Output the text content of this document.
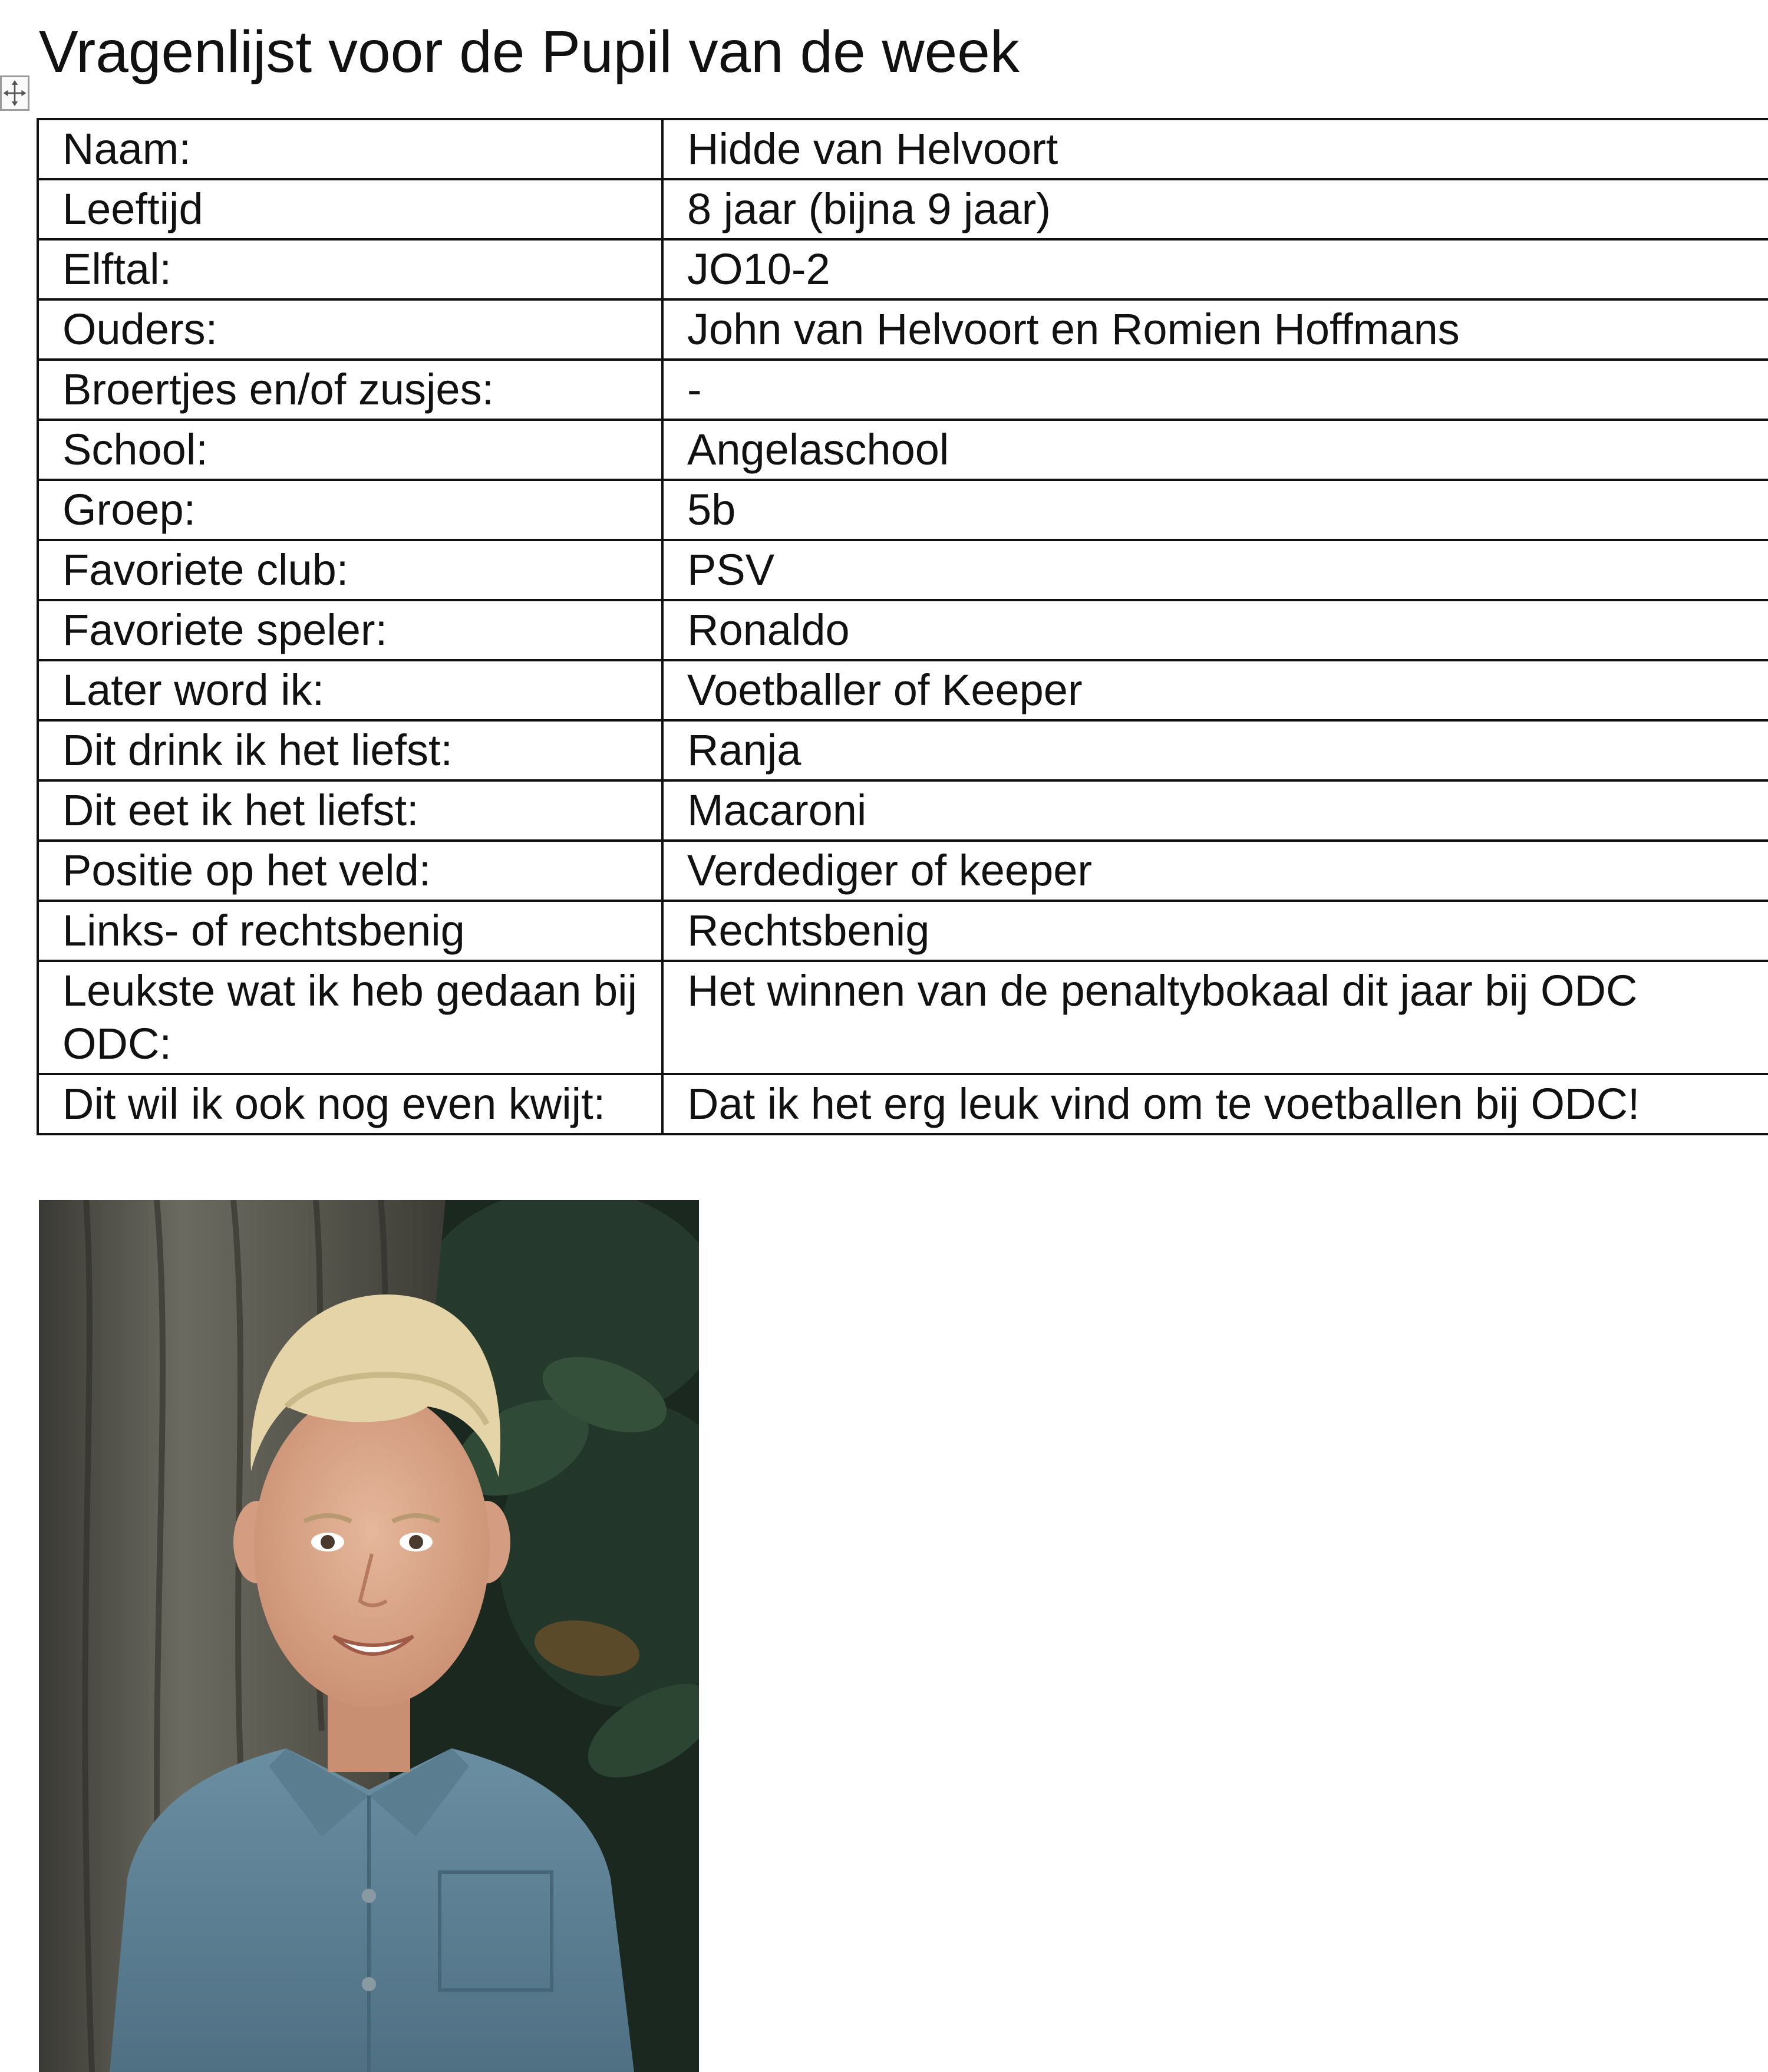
Vragenlijst voor de Pupil van de week
Naam:	Hidde van Helvoort
Leeftijd	8 jaar (bijna 9 jaar)
Elftal:	JO10-2
Ouders:	John van Helvoort en Romien Hoffmans
Broertjes en/of zusjes:	-
School:	Angelaschool
Groep:	5b
Favoriete club:	PSV
Favoriete speler:	Ronaldo
Later word ik:	Voetballer of Keeper
Dit drink ik het liefst:	Ranja
Dit eet ik het liefst:	Macaroni
Positie op het veld:	Verdediger of keeper
Links- of rechtsbenig	Rechtsbenig
Leukste wat ik heb gedaan bij ODC:	Het winnen van de penaltybokaal dit jaar bij ODC
Dit wil ik ook nog even kwijt:	Dat ik het erg leuk vind om te voetballen bij ODC!
